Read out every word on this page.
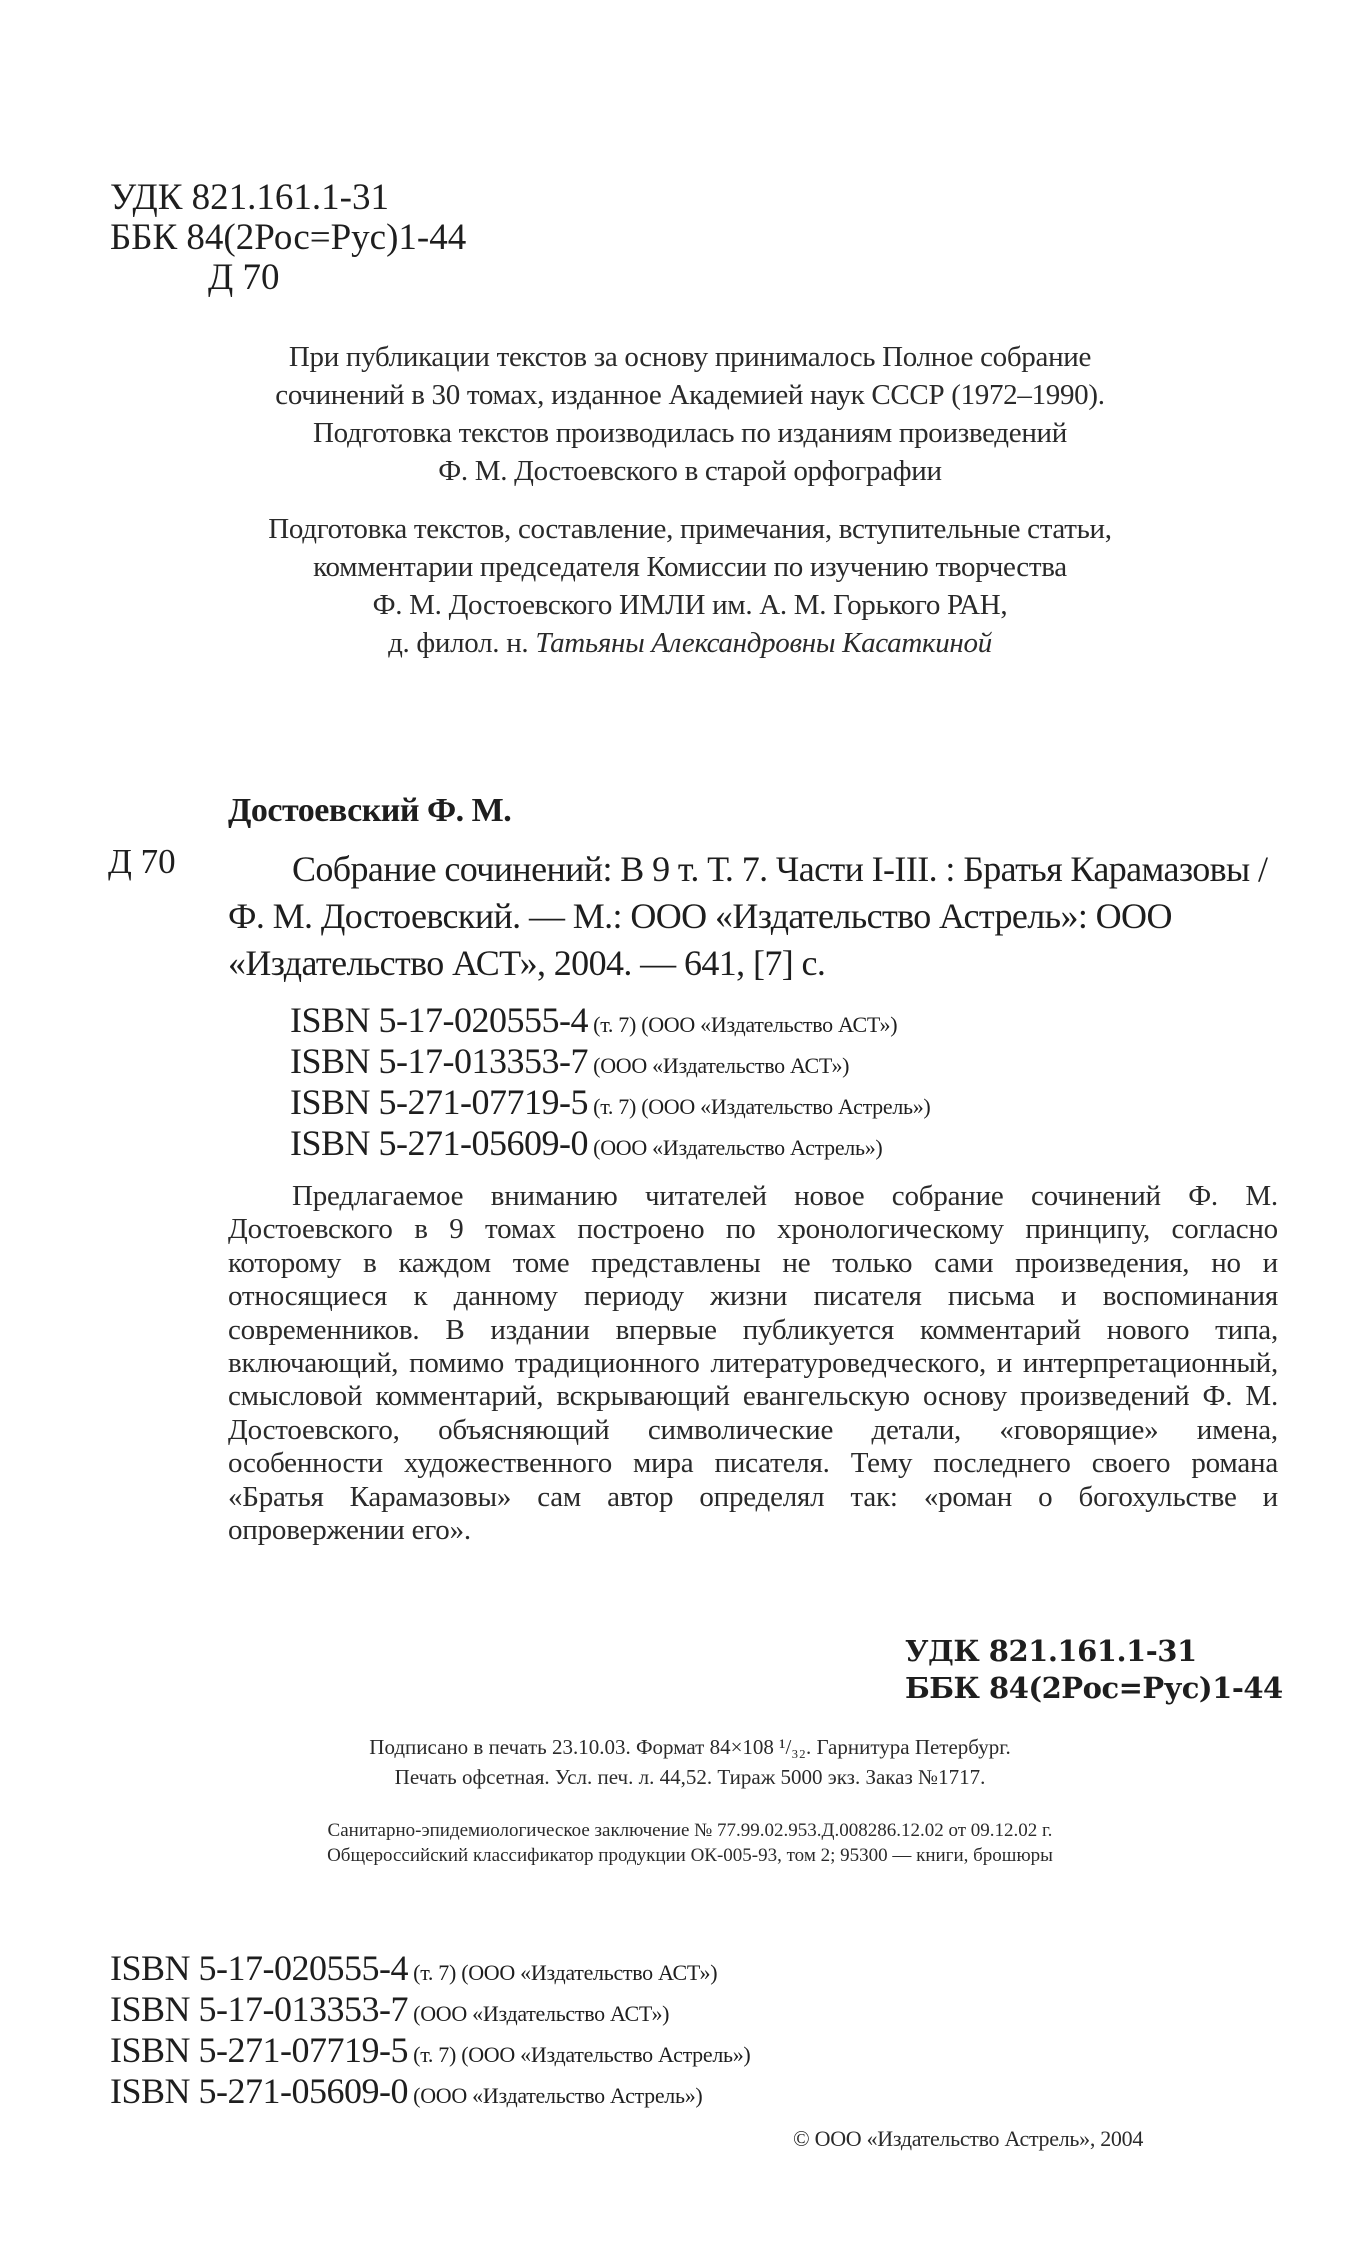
УДК 821.161.1-31
ББК 84(2Рос=Рус)1-44
Д 70
При публикации текстов за основу принималось Полное собрание
сочинений в 30 томах, изданное Академией наук СССР (1972–1990).
Подготовка текстов производилась по изданиям произведений
Ф. М. Достоевского в старой орфографии
Подготовка текстов, составление, примечания, вступительные статьи,
комментарии председателя Комиссии по изучению творчества
Ф. М. Достоевского ИМЛИ им. А. М. Горького РАН,
д. филол. н. Татьяны Александровны Касаткиной
Достоевский Ф. М.
Д 70	Собрание сочинений: В 9 т. Т. 7. Части I-III. : Братья Карамазовы / Ф. М. Достоевский. — М.: ООО «Издательство Астрель»: ООО «Издательство АСТ», 2004. — 641, [7] с.
ISBN 5-17-020555-4 (т. 7) (ООО «Издательство АСТ»)
ISBN 5-17-013353-7 (ООО «Издательство АСТ»)
ISBN 5-271-07719-5 (т. 7) (ООО «Издательство Астрель»)
ISBN 5-271-05609-0 (ООО «Издательство Астрель»)
Предлагаемое вниманию читателей новое собрание сочинений Ф. М. Достоевского в 9 томах построено по хронологическому принципу, согласно которому в каждом томе представлены не только сами произведения, но и относящиеся к данному периоду жизни писателя письма и воспоминания современников. В издании впервые публикуется комментарий нового типа, включающий, помимо традиционного литературоведческого, и интерпретационный, смысловой комментарий, вскрывающий евангельскую основу произведений Ф. М. Достоевского, объясняющий символические детали, «говорящие» имена, особенности художественного мира писателя. Тему последнего своего романа «Братья Карамазовы» сам автор определял так: «роман о богохульстве и опровержении его».
УДК 821.161.1-31
ББК 84(2Рос=Рус)1-44
Подписано в печать 23.10.03. Формат 84×108 ¹/₃₂. Гарнитура Петербург.
Печать офсетная. Усл. печ. л. 44,52. Тираж 5000 экз. Заказ №1717.
Санитарно-эпидемиологическое заключение № 77.99.02.953.Д.008286.12.02 от 09.12.02 г.
Общероссийский классификатор продукции ОК-005-93, том 2; 95300 — книги, брошюры
ISBN 5-17-020555-4 (т. 7) (ООО «Издательство АСТ»)
ISBN 5-17-013353-7 (ООО «Издательство АСТ»)
ISBN 5-271-07719-5 (т. 7) (ООО «Издательство Астрель»)
ISBN 5-271-05609-0 (ООО «Издательство Астрель»)
© ООО «Издательство Астрель», 2004
